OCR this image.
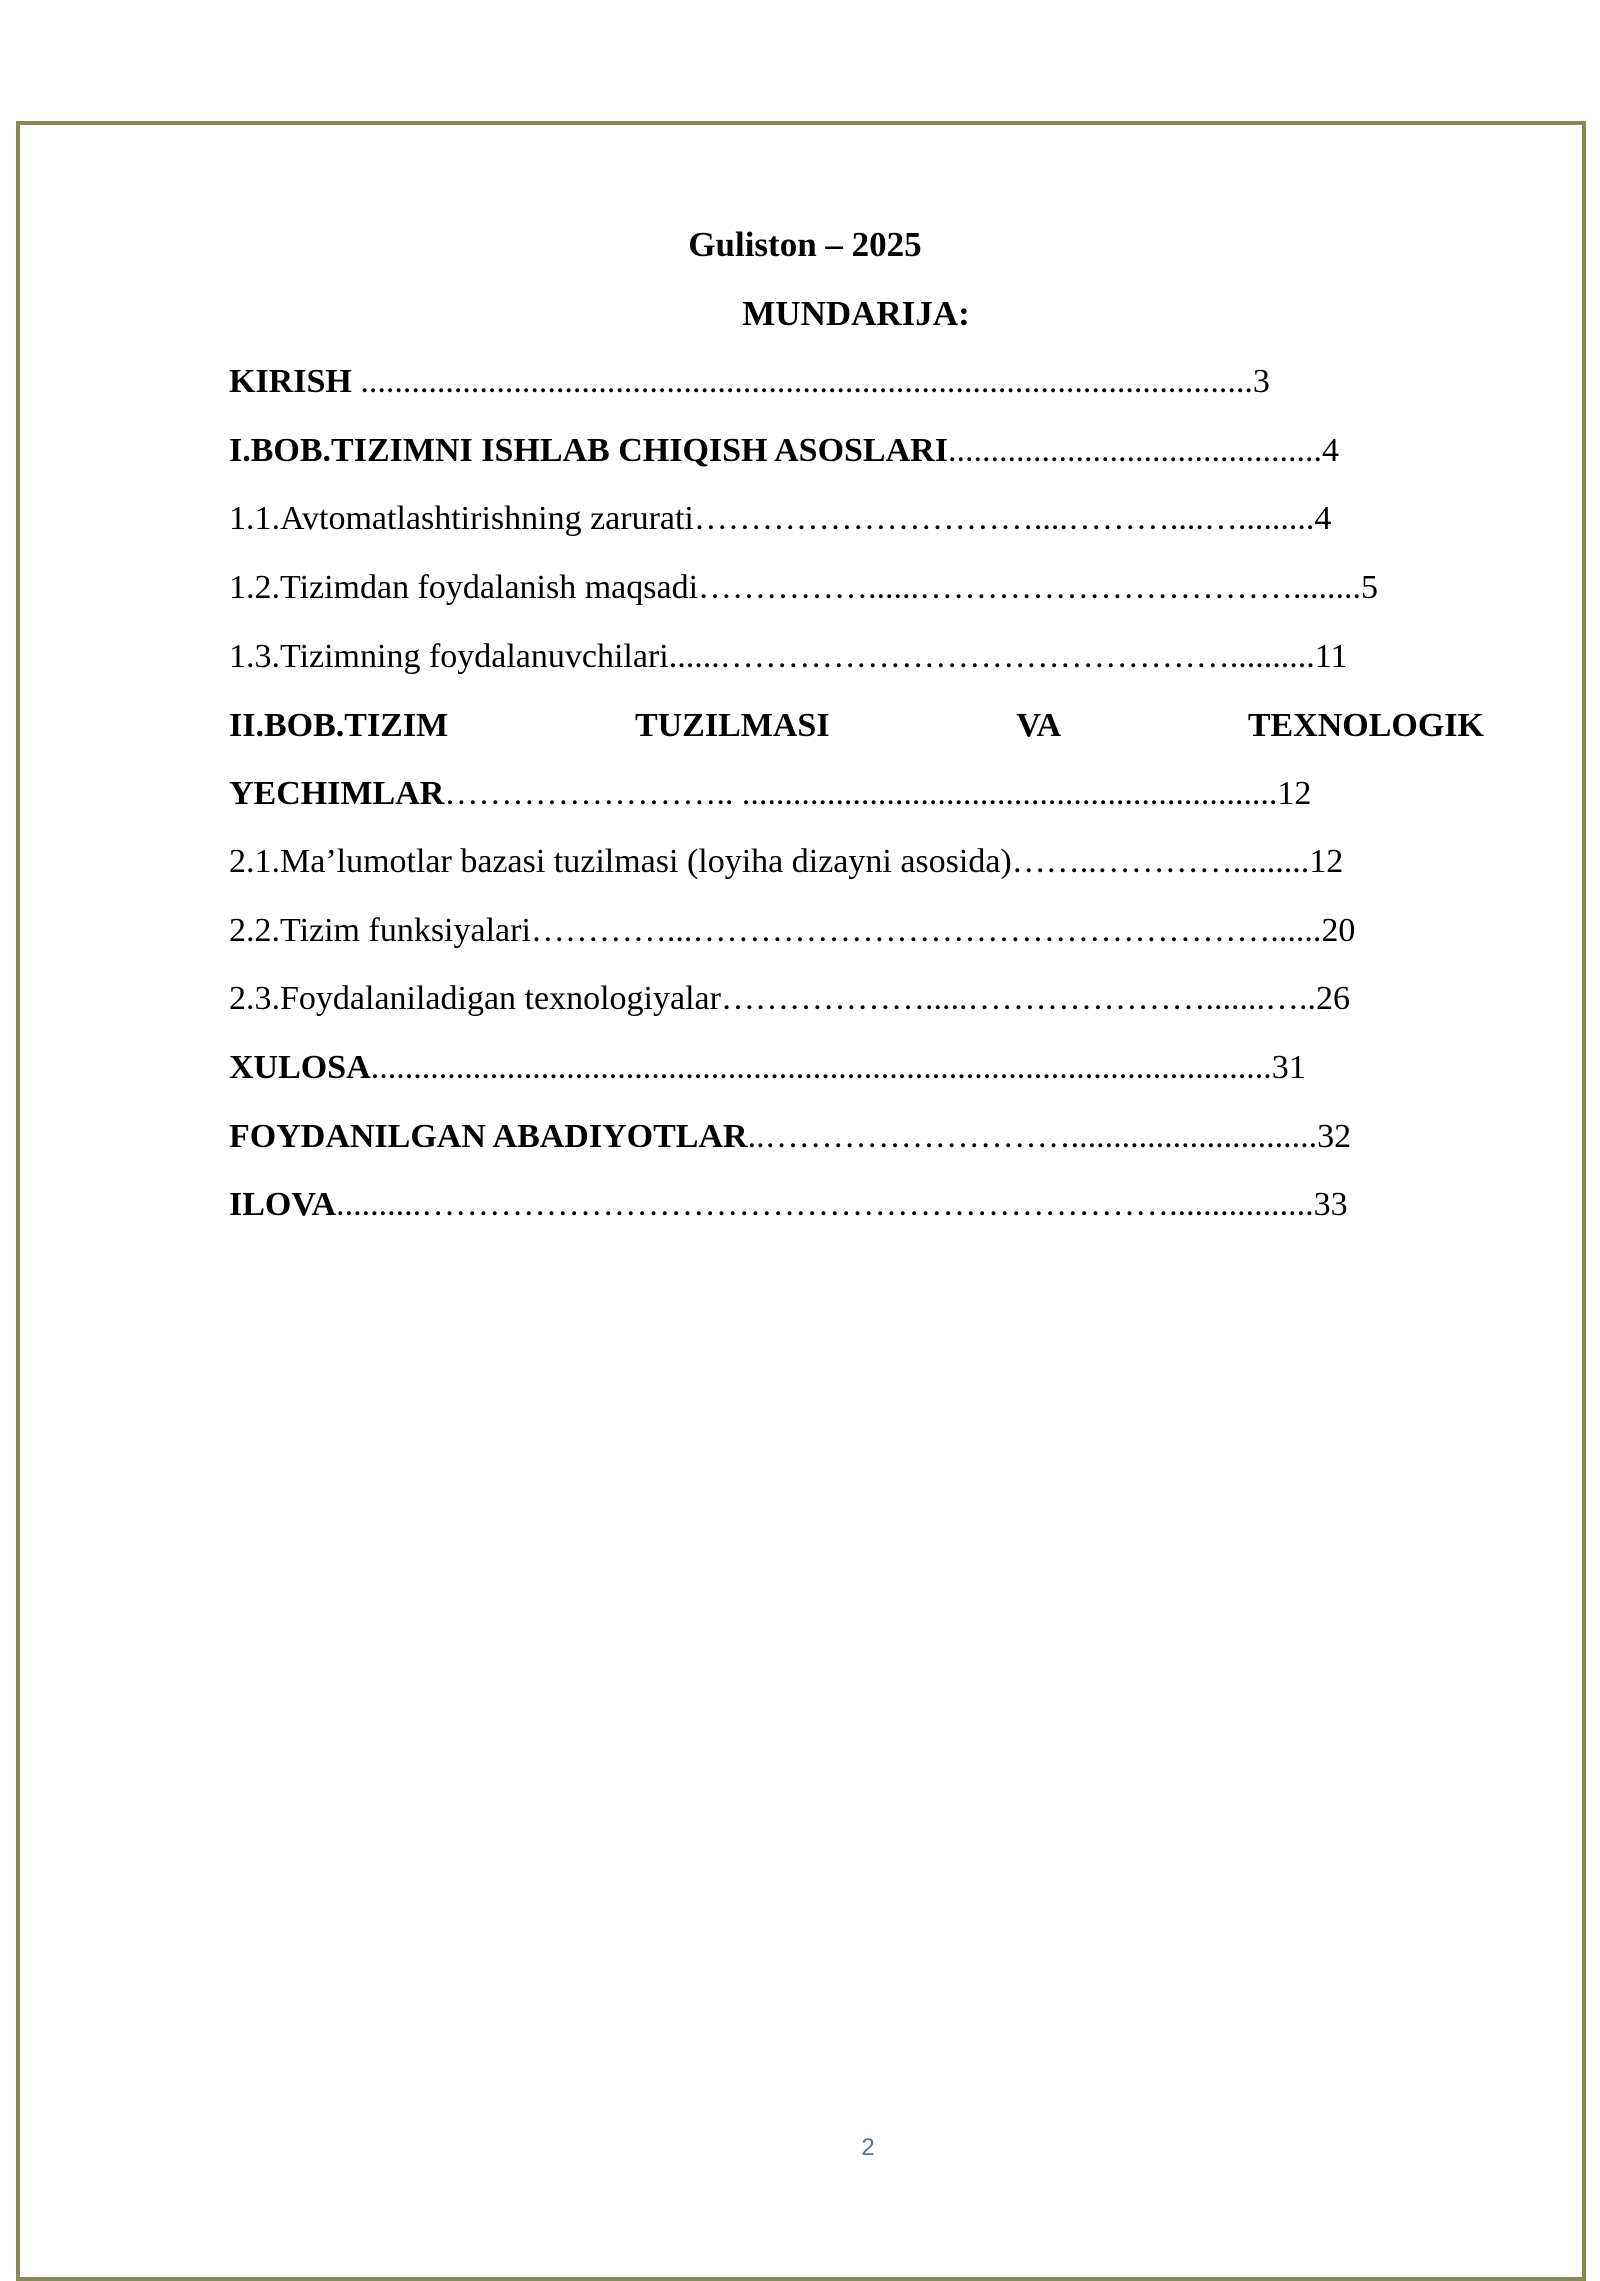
Guliston – 2025
MUNDARIJA:
KIRISH .........................................................................................................3
I.BOB.TIZIMNI ISHLAB CHIQISH ASOSLARI............................................4
1.1.Avtomatlashtirishning zarurati…………………………....………....….........4
1.2.Tizimdan foydalanish maqsadi……………......……………………………........5
1.3.Tizimning foydalanuvchilari......………………………………………..........11
II.BOB.TIZIM	TUZILMASI	VA	TEXNOLOGIK
YECHIMLAR…………………….. ...............................................................12
2.1.Ma’lumotlar bazasi tuzilmasi (loyiha dizayni asosida)……..………….........12
2.2.Tizim funksiyalari…………...……………………………………………......20
2.3.Foydalaniladigan texnologiyalar……………….....………………….......…..26
XULOSA..........................................................................................................31
FOYDANILGAN ABADIYOTLAR..……………………….............................32
ILOVA..........………………………………………………………….................33
2
